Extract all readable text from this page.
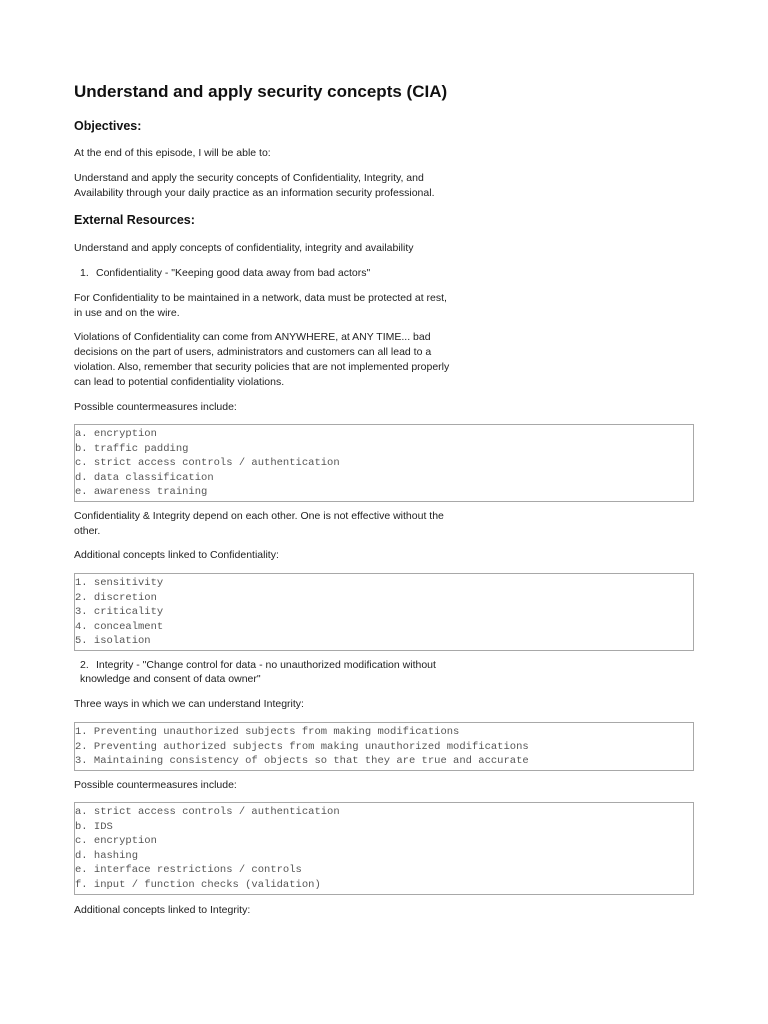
Understand and apply security concepts (CIA)
Objectives:

At the end of this episode, I will be able to:

Understand and apply the security concepts of Confidentiality, Integrity, and Availability through your daily practice as an information security professional.

External Resources:

Understand and apply concepts of confidentiality, integrity and availability

1. Confidentiality - "Keeping good data away from bad actors"

For Confidentiality to be maintained in a network, data must be protected at rest, in use and on the wire.

Violations of Confidentiality can come from ANYWHERE, at ANY TIME... bad decisions on the part of users, administrators and customers can all lead to a violation. Also, remember that security policies that are not implemented properly can lead to potential confidentiality violations.

Possible countermeasures include:

a. encryption
b. traffic padding
c. strict access controls / authentication
d. data classification
e. awareness training

Confidentiality & Integrity depend on each other. One is not effective without the other.

Additional concepts linked to Confidentiality:

1. sensitivity
2. discretion
3. criticality
4. concealment
5. isolation
2. Integrity - "Change control for data - no unauthorized modification without knowledge and consent of data owner"

Three ways in which we can understand Integrity:

1. Preventing unauthorized subjects from making modifications
2. Preventing authorized subjects from making unauthorized modifications
3. Maintaining consistency of objects so that they are true and accurate

Possible countermeasures include:

a. strict access controls / authentication
b. IDS
c. encryption
d. hashing
e. interface restrictions / controls
f. input / function checks (validation)

Additional concepts linked to Integrity:
